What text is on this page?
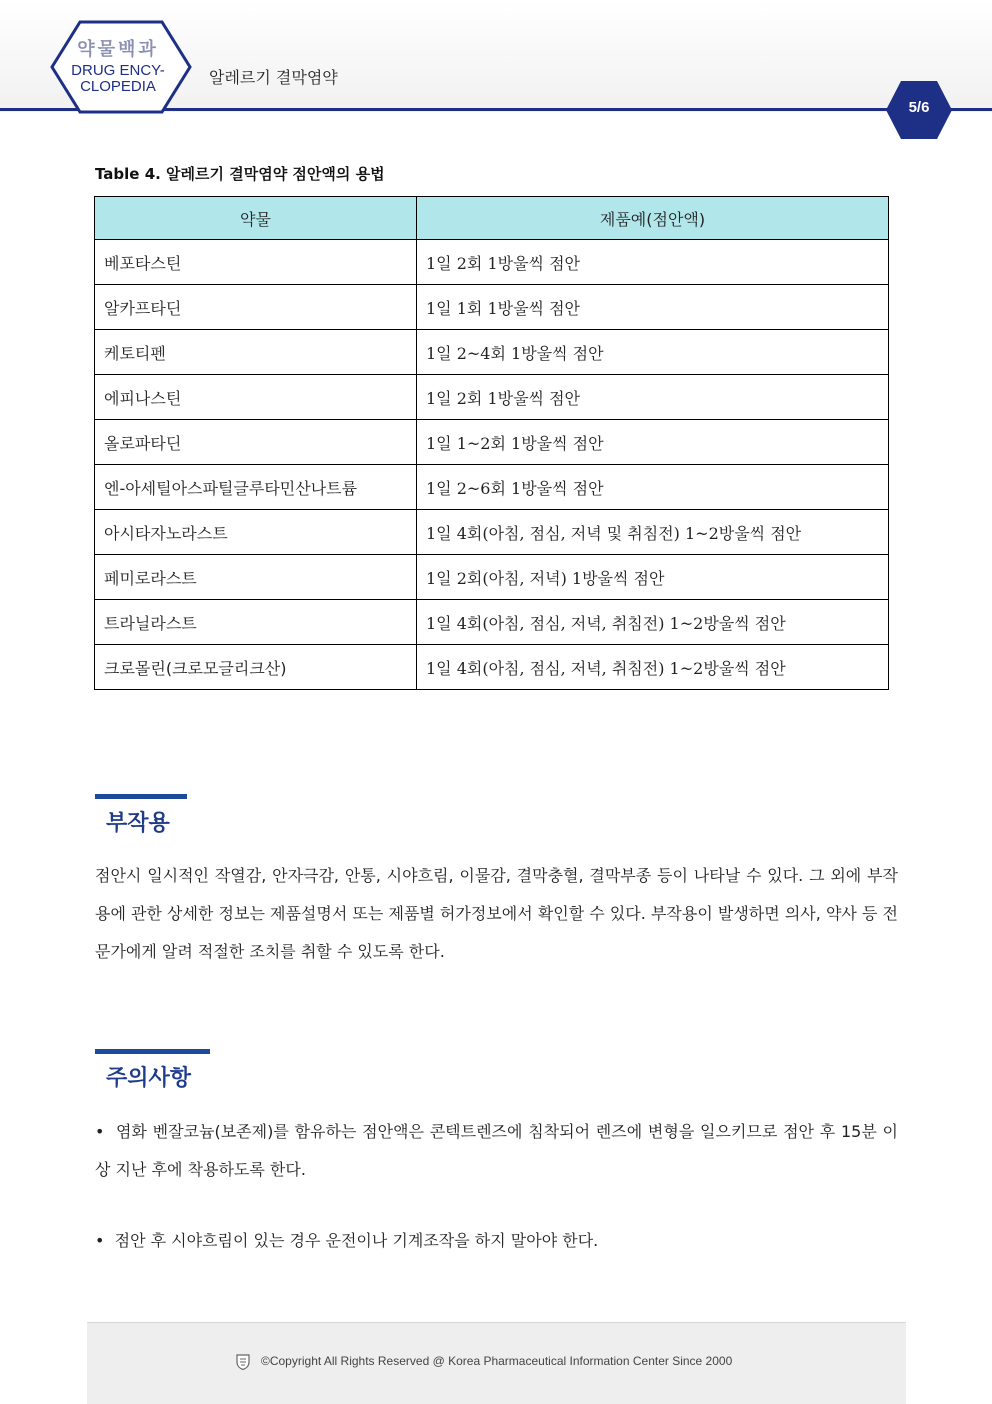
약물백과
DRUG ENCY-
CLOPEDIA	알레르기 결막염약
5/6
Table 4. 알레르기 결막염약 점안액의 용법
약물	제품예(점안액)
베포타스틴	1일 2회 1방울씩 점안
알카프타딘	1일 1회 1방울씩 점안
케토티펜	1일 2~4회 1방울씩 점안
에피나스틴	1일 2회 1방울씩 점안
올로파타딘	1일 1~2회 1방울씩 점안
엔-아세틸아스파틸글루타민산나트륨	1일 2~6회 1방울씩 점안
아시타자노라스트	1일 4회(아침, 점심, 저녁 및 취침전) 1~2방울씩 점안
페미로라스트	1일 2회(아침, 저녁) 1방울씩 점안
트라닐라스트	1일 4회(아침, 점심, 저녁, 취침전) 1~2방울씩 점안
크로몰린(크로모글리크산)	1일 4회(아침, 점심, 저녁, 취침전) 1~2방울씩 점안
부작용
점안시 일시적인 작열감, 안자극감, 안통, 시야흐림, 이물감, 결막충혈, 결막부종 등이 나타날 수 있다. 그 외에 부작용에 관한 상세한 정보는 제품설명서 또는 제품별 허가정보에서 확인할 수 있다. 부작용이 발생하면 의사, 약사 등 전문가에게 알려 적절한 조치를 취할 수 있도록 한다.
주의사항
•  염화 벤잘코늄(보존제)를 함유하는 점안액은 콘텍트렌즈에 침착되어 렌즈에 변형을 일으키므로 점안 후 15분 이상 지난 후에 착용하도록 한다.
•  점안 후 시야흐림이 있는 경우 운전이나 기계조작을 하지 말아야 한다.
©Copyright All Rights Reserved @ Korea Pharmaceutical Information Center Since 2000
